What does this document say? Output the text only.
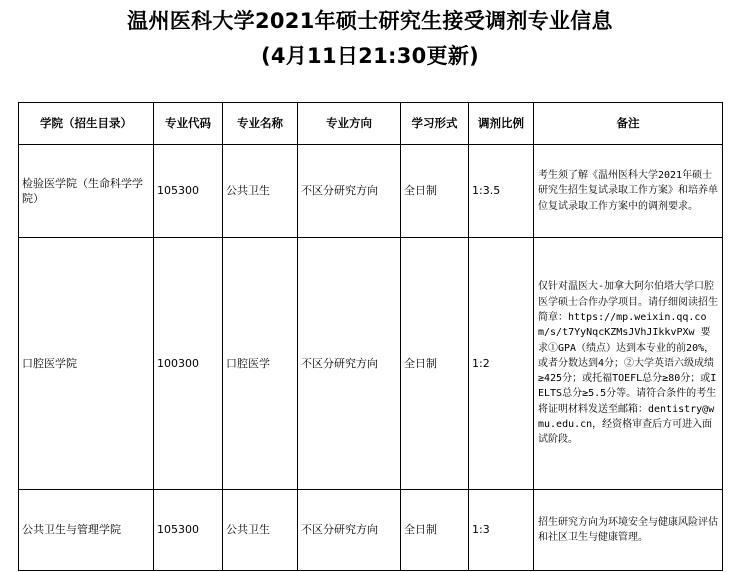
温州医科大学2021年硕士研究生接受调剂专业信息
(4月11日21:30更新)
学院（招生目录）	专业代码	专业名称	专业方向	学习形式	调剂比例	备注
检验医学院（生命科学学院）	105300	公共卫生	不区分研究方向	全日制	1:3.5	考生须了解《温州医科大学2021年硕士研究生招生复试录取工作方案》和培养单位复试录取工作方案中的调剂要求。
口腔医学院	100300	口腔医学	不区分研究方向	全日制	1:2	仅针对温医大-加拿大阿尔伯塔大学口腔医学硕士合作办学项目。请仔细阅读招生简章：https://mp.weixin.qq.com/s/t7YyNqcKZMsJVhJIkkvPXw 要求①GPA（绩点）达到本专业的前20%，或者分数达到4分；②大学英语六级成绩≥425分；或托福TOEFL总分≥80分；或IELTS总分≥5.5分等。请符合条件的考生将证明材料发送至邮箱：dentistry@wmu.edu.cn，经资格审查后方可进入面试阶段。
公共卫生与管理学院	105300	公共卫生	不区分研究方向	全日制	1:3	招生研究方向为环境安全与健康风险评估和社区卫生与健康管理。
